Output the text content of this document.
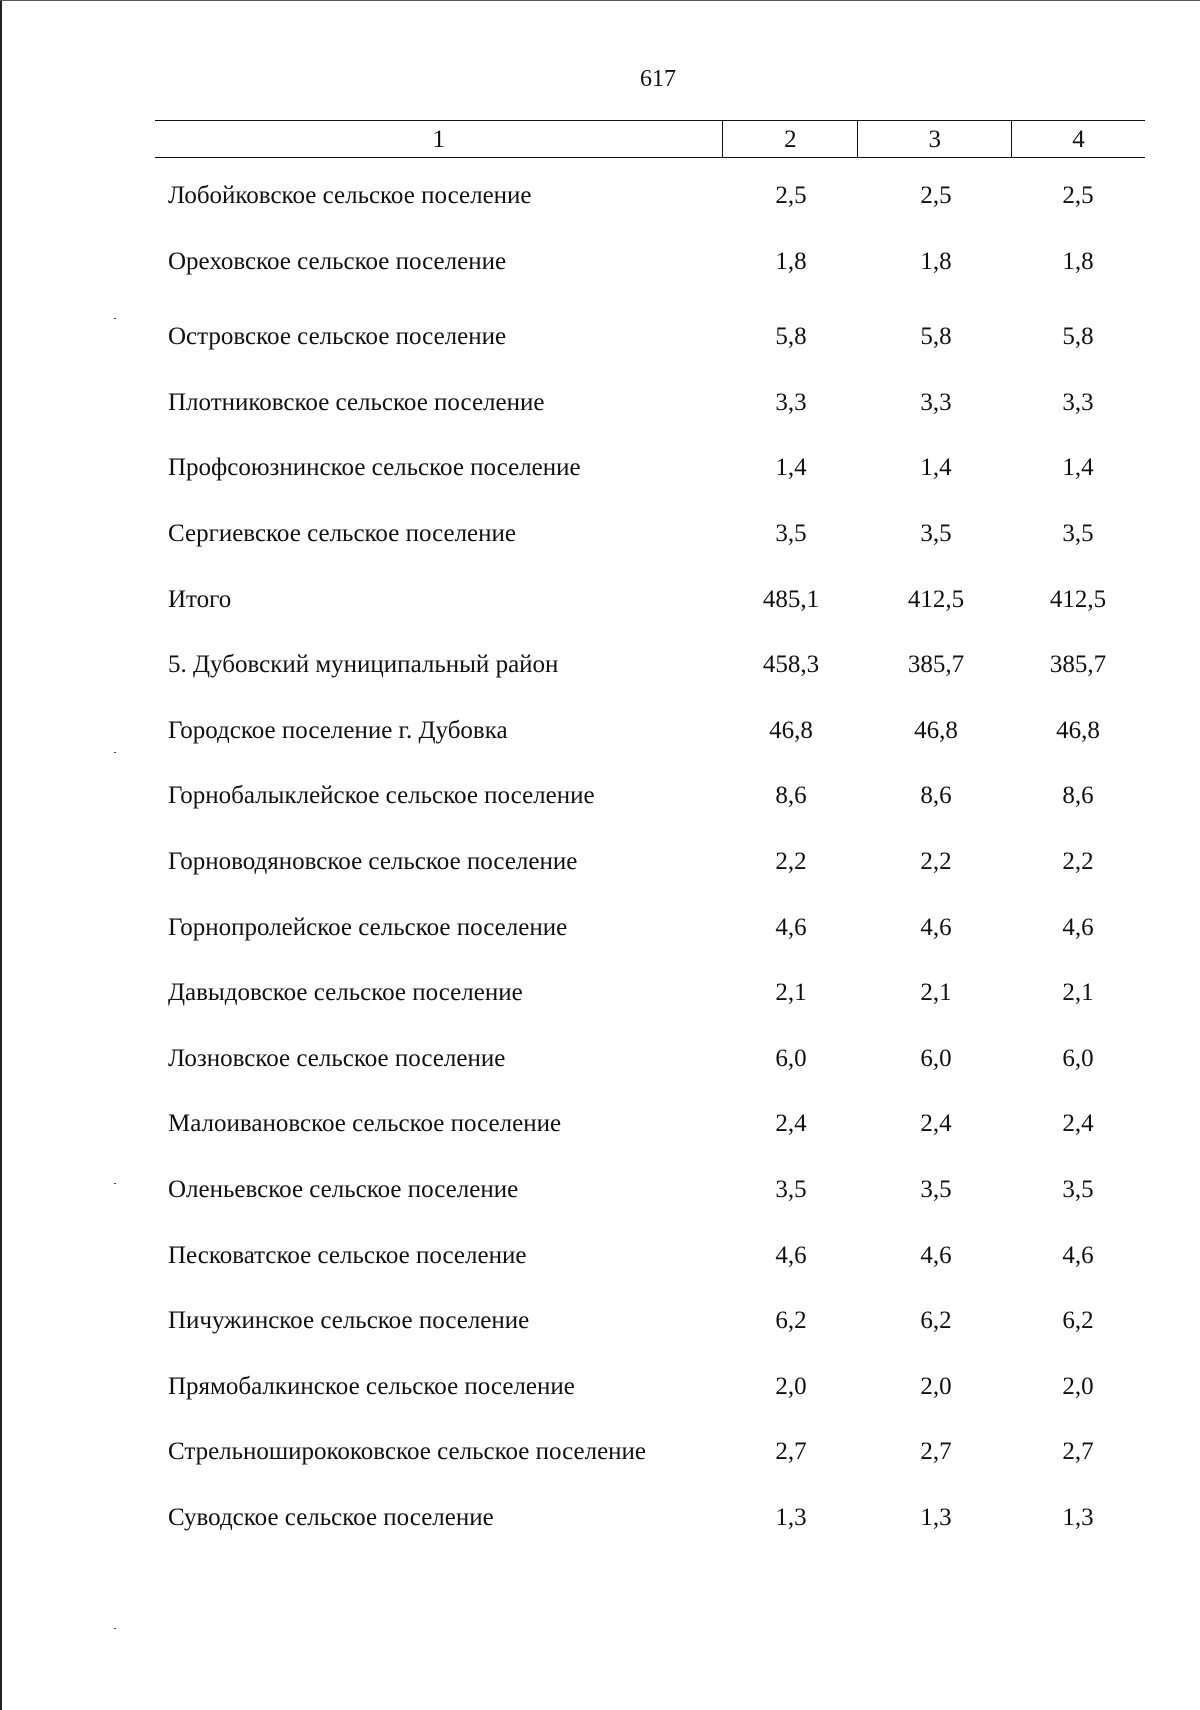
617
1	2	3	4
Лобойковское сельское поселение	2,5	2,5	2,5
Ореховское сельское поселение	1,8	1,8	1,8
Островское сельское поселение	5,8	5,8	5,8
Плотниковское сельское поселение	3,3	3,3	3,3
Профсоюзнинское сельское поселение	1,4	1,4	1,4
Сергиевское сельское поселение	3,5	3,5	3,5
Итого	485,1	412,5	412,5
5. Дубовский муниципальный район	458,3	385,7	385,7
Городское поселение г. Дубовка	46,8	46,8	46,8
Горнобалыклейское сельское поселение	8,6	8,6	8,6
Горноводяновское сельское поселение	2,2	2,2	2,2
Горнопролейское сельское поселение	4,6	4,6	4,6
Давыдовское сельское поселение	2,1	2,1	2,1
Лозновское сельское поселение	6,0	6,0	6,0
Малоивановское сельское поселение	2,4	2,4	2,4
Оленьевское сельское поселение	3,5	3,5	3,5
Песковатское сельское поселение	4,6	4,6	4,6
Пичужинское сельское поселение	6,2	6,2	6,2
Прямобалкинское сельское поселение	2,0	2,0	2,0
Стрельноширококовское сельское поселение	2,7	2,7	2,7
Суводское сельское поселение	1,3	1,3	1,3
